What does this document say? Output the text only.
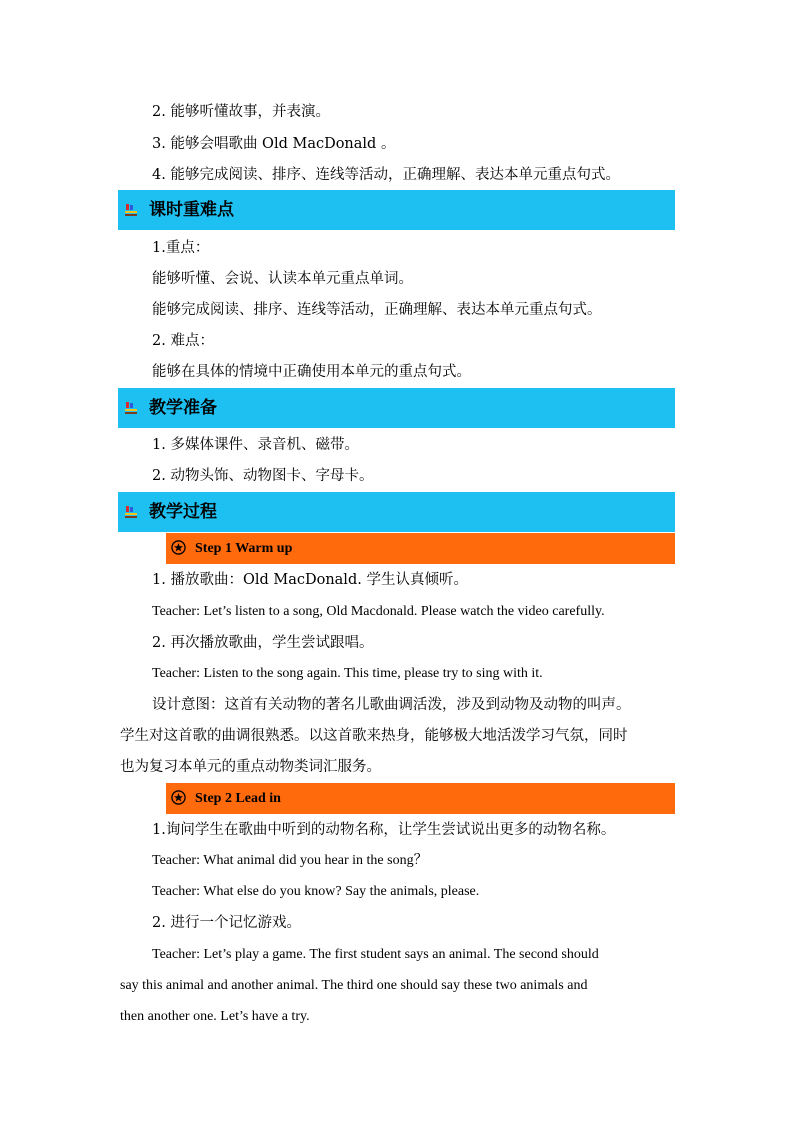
2. 能够听懂故事，并表演。
3. 能够会唱歌曲 Old MacDonald 。
4. 能够完成阅读、排序、连线等活动，正确理解、表达本单元重点句式。
课时重难点
1.重点：
能够听懂、会说、认读本单元重点单词。
能够完成阅读、排序、连线等活动，正确理解、表达本单元重点句式。
2. 难点：
能够在具体的情境中正确使用本单元的重点句式。
教学准备
1. 多媒体课件、录音机、磁带。
2. 动物头饰、动物图卡、字母卡。
教学过程
Step 1 Warm up
1. 播放歌曲：Old MacDonald. 学生认真倾听。
Teacher: Let’s listen to a song, Old Macdonald. Please watch the video carefully.
2. 再次播放歌曲，学生尝试跟唱。
Teacher: Listen to the song again. This time, please try to sing with it.
设计意图：这首有关动物的著名儿歌曲调活泼，涉及到动物及动物的叫声。
学生对这首歌的曲调很熟悉。以这首歌来热身，能够极大地活泼学习气氛，同时
也为复习本单元的重点动物类词汇服务。
Step 2 Lead in
1.询问学生在歌曲中听到的动物名称，让学生尝试说出更多的动物名称。
Teacher: What animal did you hear in the song？
Teacher: What else do you know? Say the animals, please.
2. 进行一个记忆游戏。
Teacher: Let’s play a game. The first student says an animal. The second should
say this animal and another animal. The third one should say these two animals and
then another one. Let’s have a try.
